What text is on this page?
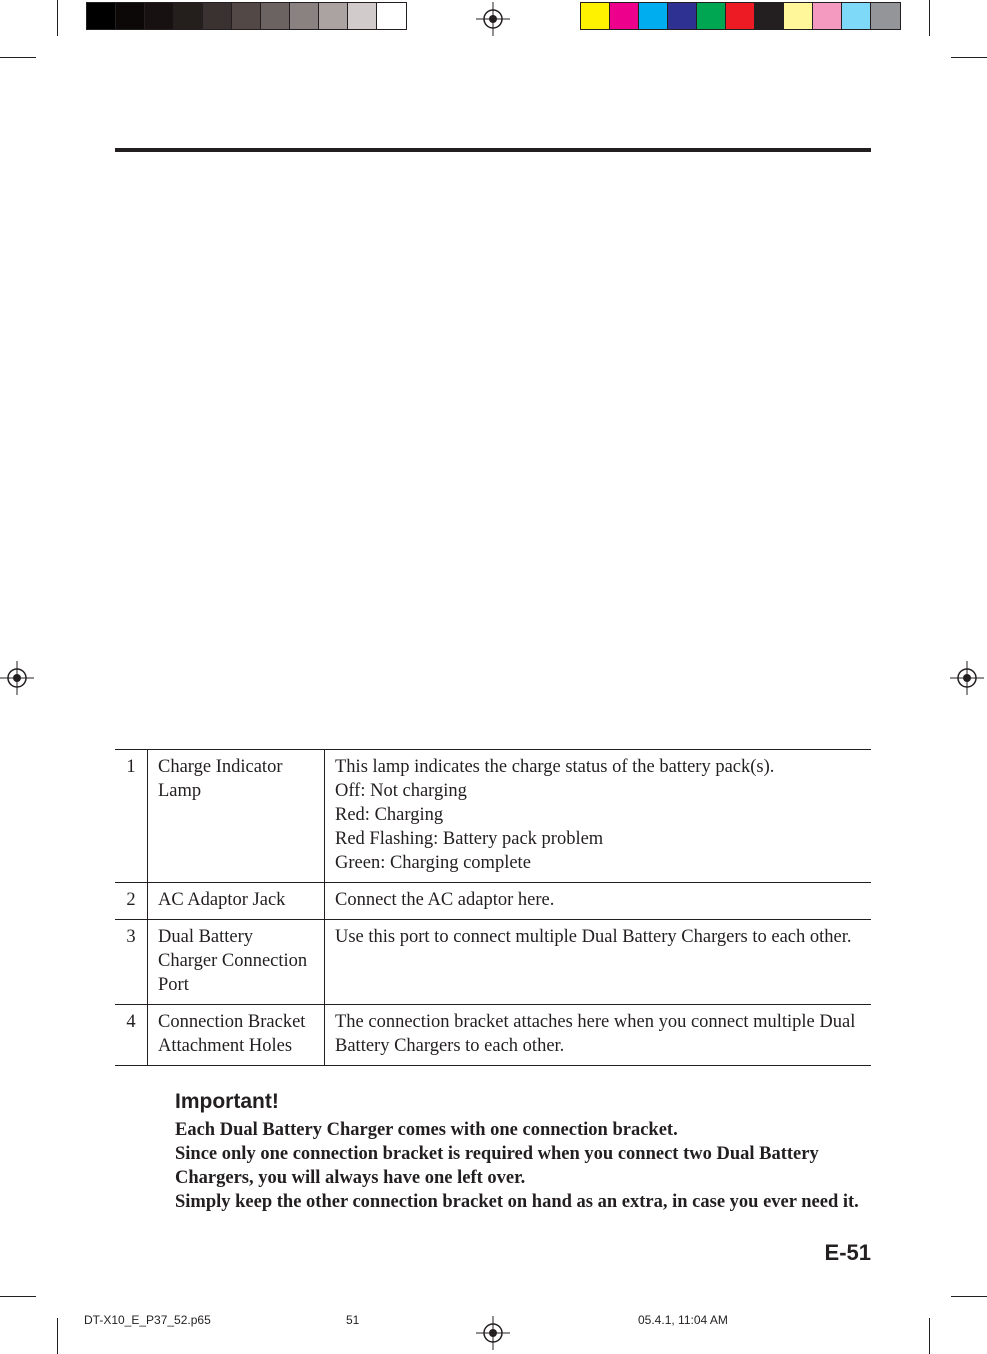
1	Charge Indicator Lamp	This lamp indicates the charge status of the battery pack(s).
Off: Not charging
Red: Charging
Red Flashing: Battery pack problem
Green: Charging complete

2	AC Adaptor Jack	Connect the AC adaptor here.

3	Dual Battery Charger Connection Port	Use this port to connect multiple Dual Battery Chargers to each other.

4	Connection Bracket Attachment Holes	The connection bracket attaches here when you connect multiple Dual Battery Chargers to each other.
Important!

Each Dual Battery Charger comes with one connection bracket.

Since only one connection bracket is required when you connect two Dual Battery Chargers, you will always have one left over.

Simply keep the other connection bracket on hand as an extra, in case you ever need it.

E-51
DT-X10_E_P37_52.p65	51	05.4.1, 11:04 AM
